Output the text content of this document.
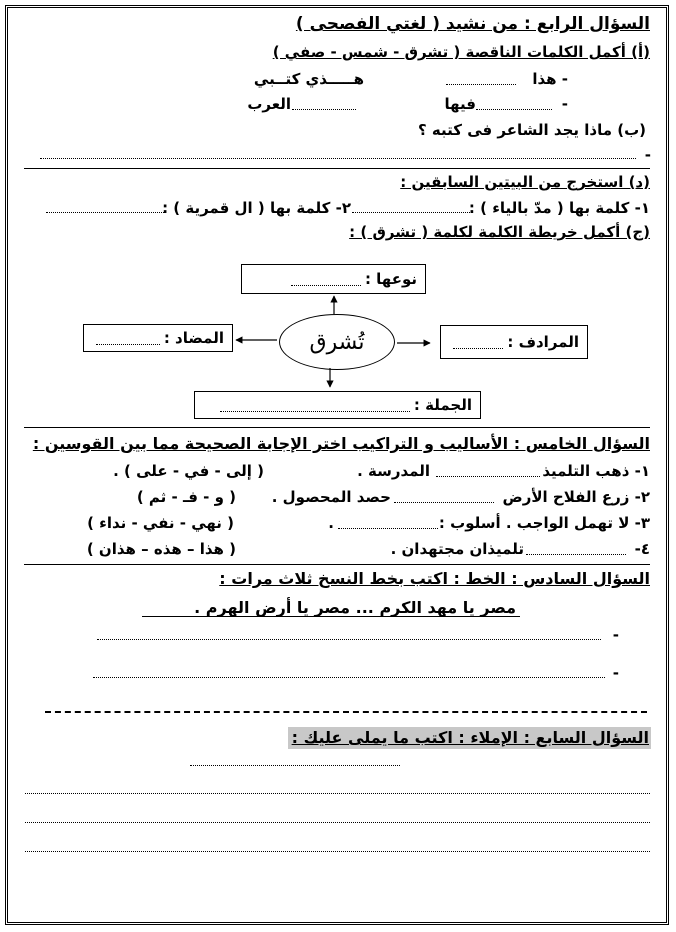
السؤال الرابع : من نشيد ( لغتي الفصحى )
(أ) أكمل الكلمات الناقصة ( تشرق - شمس - صفي )
- هذا
هـــــذي كتــبي
-
فيها
العرب
(ب) ماذا يجد الشاعر فى كتبه ؟
-
(د) استخرج من البيتين السابقين :
١- كلمة بها ( مدّ بالياء ) :
٢- كلمة بها ( ال قمرية ) :
(ج) أكمل خريطة الكلمة لكلمة ( تشرق ) :
نوعها :
تُشرق	المرادف :
المضاد :
الجملة :
السؤال الخامس : الأساليب و التراكيب اختر الإجابة الصحيحة مما بين القوسين :
١- ذهب التلميذ
المدرسة .
( إلى - في - على ) .
٢- زرع الفلاح الأرض
حصد المحصول .
( و - فـ - ثم )
٣- لا تهمل الواجب . أسلوب :
.
( نهي - نفي - نداء )
٤-
تلميذان مجتهدان .
( هذا – هذه – هذان )
السؤال السادس : الخط : اكتب بخط النسخ ثلاث مرات :
مصر يا مهد الكرم ... مصر يا أرض الهرم .
-
-
السؤال السابع : الإملاء : اكتب ما يملى عليك :
